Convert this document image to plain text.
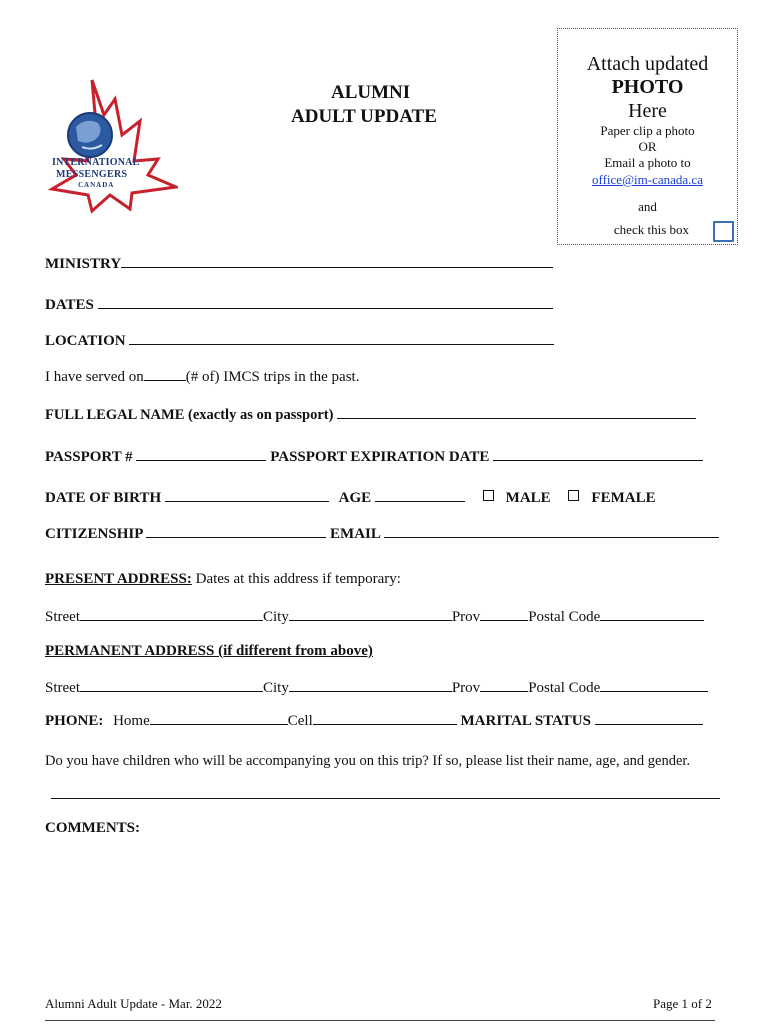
INTERNATIONAL
MESSENGERS
CANADA
ALUMNI
ADULT UPDATE
Attach updated
PHOTO
Here
Paper clip a photo
OR
Email a photo to
office@im-canada.ca
and
check this box
MINISTRY
DATES
LOCATION
I have served on	(# of) IMCS trips in the past.
FULL LEGAL NAME (exactly as on passport)
PASSPORT #	PASSPORT EXPIRATION DATE
DATE OF BIRTH	AGE	MALE	FEMALE
CITIZENSHIP	EMAIL
PRESENT ADDRESS: Dates at this address if temporary:
Street	City	Prov	Postal Code
PERMANENT ADDRESS (if different from above)
Street	City	Prov	Postal Code
PHONE: Home	Cell	MARITAL STATUS
Do you have children who will be accompanying you on this trip? If so, please list their name, age, and gender.
COMMENTS:
Alumni Adult Update - Mar. 2022	Page 1 of 2
